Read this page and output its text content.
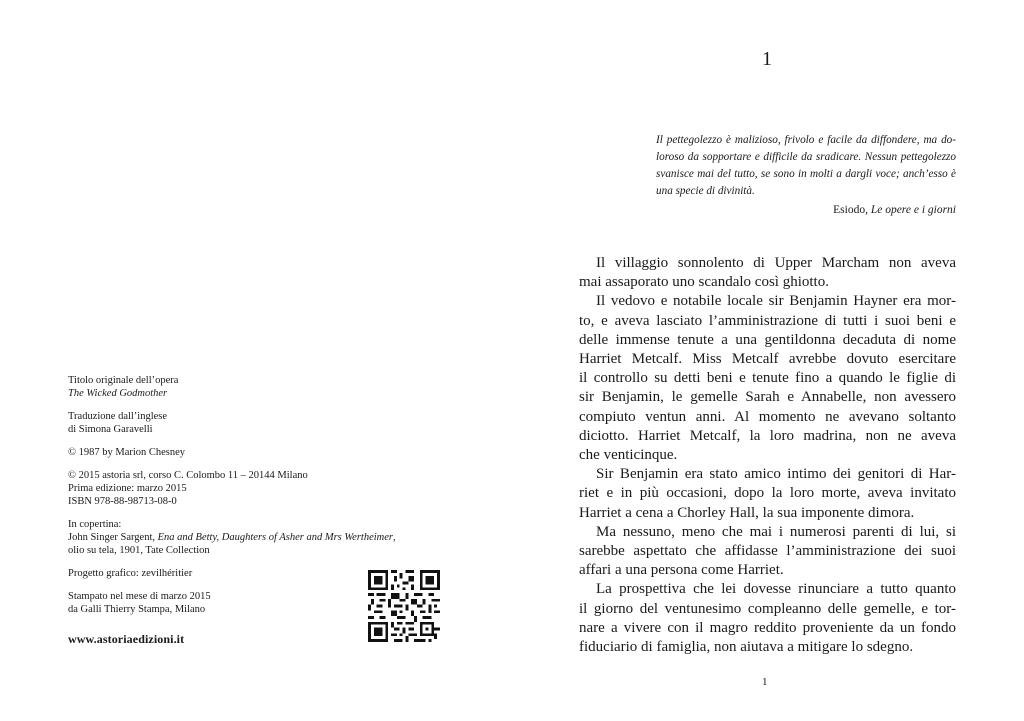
Titolo originale dell’opera
The Wicked Godmother
Traduzione dall’inglese
di Simona Garavelli
© 1987 by Marion Chesney
© 2015 astoria srl, corso C. Colombo 11 – 20144 Milano
Prima edizione: marzo 2015
ISBN 978-88-98713-08-0
In copertina:
John Singer Sargent, Ena and Betty, Daughters of Asher and Mrs Wertheimer,
olio su tela, 1901, Tate Collection
Progetto grafico: zevilhéritier
Stampato nel mese di marzo 2015
da Galli Thierry Stampa, Milano
www.astoriaedizioni.it
1
Il pettegolezzo è malizioso, frivolo e facile da diffondere, ma do-
loroso da sopportare e difficile da sradicare. Nessun pettegolezzo
svanisce mai del tutto, se sono in molti a dargli voce; anch’esso è
una specie di divinità.
Esiodo, Le opere e i giorni
Il villaggio sonnolento di Upper Marcham non aveva
mai assaporato uno scandalo così ghiotto.
Il vedovo e notabile locale sir Benjamin Hayner era mor-
to, e aveva lasciato l’amministrazione di tutti i suoi beni e
delle immense tenute a una gentildonna decaduta di nome
Harriet Metcalf. Miss Metcalf avrebbe dovuto esercitare
il controllo su detti beni e tenute fino a quando le figlie di
sir Benjamin, le gemelle Sarah e Annabelle, non avessero
compiuto ventun anni. Al momento ne avevano soltanto
diciotto. Harriet Metcalf, la loro madrina, non ne aveva
che venticinque.
Sir Benjamin era stato amico intimo dei genitori di Har-
riet e in più occasioni, dopo la loro morte, aveva invitato
Harriet a cena a Chorley Hall, la sua imponente dimora.
Ma nessuno, meno che mai i numerosi parenti di lui, si
sarebbe aspettato che affidasse l’amministrazione dei suoi
affari a una persona come Harriet.
La prospettiva che lei dovesse rinunciare a tutto quanto
il giorno del ventunesimo compleanno delle gemelle, e tor-
nare a vivere con il magro reddito proveniente da un fondo
fiduciario di famiglia, non aiutava a mitigare lo sdegno.
1
